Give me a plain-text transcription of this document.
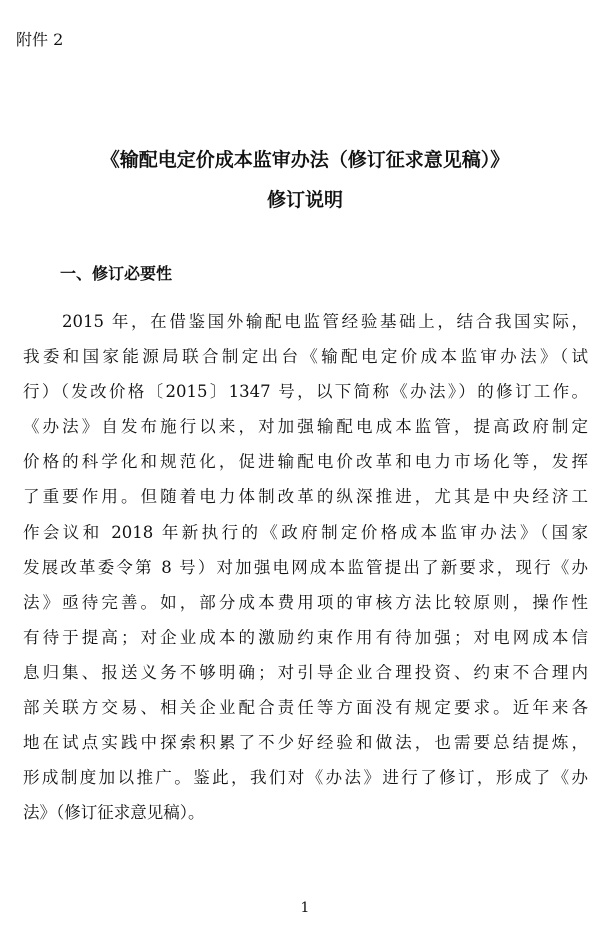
附件 2
《输配电定价成本监审办法（修订征求意见稿）》
修订说明
一、修订必要性
2015 年，在借鉴国外输配电监管经验基础上，结合我国实际，
我委和国家能源局联合制定出台《输配电定价成本监审办法》（试
行）（发改价格〔2015〕1347 号，以下简称《办法》）的修订工作。
《办法》自发布施行以来，对加强输配电成本监管，提高政府制定
价格的科学化和规范化，促进输配电价改革和电力市场化等，发挥
了重要作用。但随着电力体制改革的纵深推进，尤其是中央经济工
作会议和 2018 年新执行的《政府制定价格成本监审办法》（国家
发展改革委令第 8 号）对加强电网成本监管提出了新要求，现行《办
法》亟待完善。如，部分成本费用项的审核方法比较原则，操作性
有待于提高；对企业成本的激励约束作用有待加强；对电网成本信
息归集、报送义务不够明确；对引导企业合理投资、约束不合理内
部关联方交易、相关企业配合责任等方面没有规定要求。近年来各
地在试点实践中探索积累了不少好经验和做法，也需要总结提炼，
形成制度加以推广。鉴此，我们对《办法》进行了修订，形成了《办
法》（修订征求意见稿）。
1
